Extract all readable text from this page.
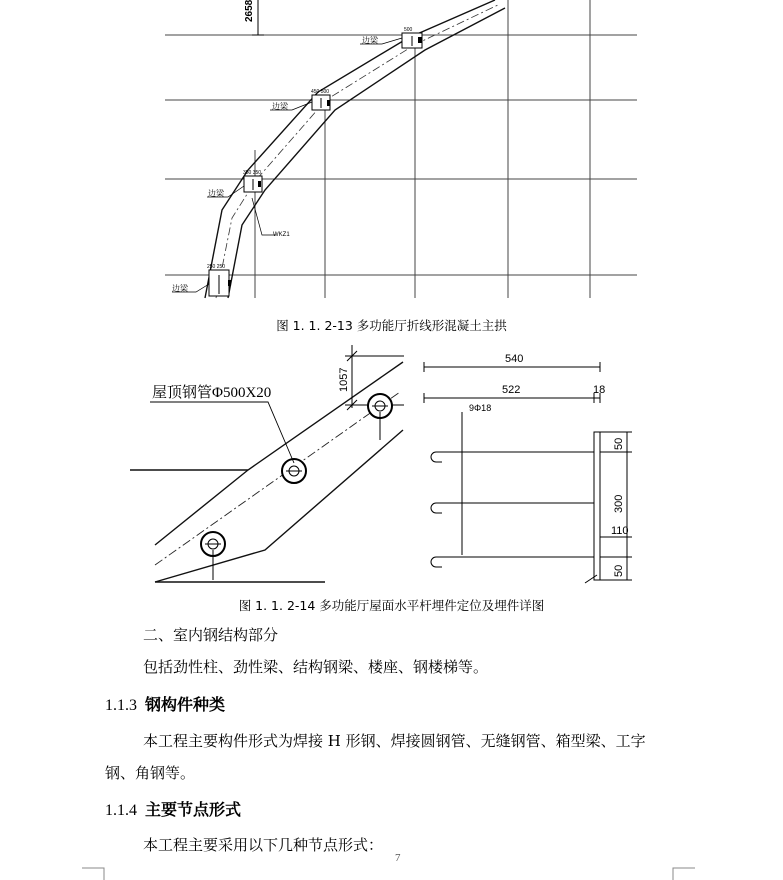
2658
500
450 500
350 350
250 250
边梁
边梁
边梁
边梁
WKZ1
图 1. 1. 2-13 多功能厅折线形混凝土主拱
1057
屋顶钢管Φ500X20
540
522	18
9Φ18
50
300
110
50
图 1. 1. 2-14 多功能厅屋面水平杆埋件定位及埋件详图
二、室内钢结构部分
包括劲性柱、劲性梁、结构钢梁、楼座、钢楼梯等。
1.1.3 钢构件种类
本工程主要构件形式为焊接 H 形钢、焊接圆钢管、无缝钢管、箱型梁、工字
钢、角钢等。
1.1.4 主要节点形式
本工程主要采用以下几种节点形式：
7
